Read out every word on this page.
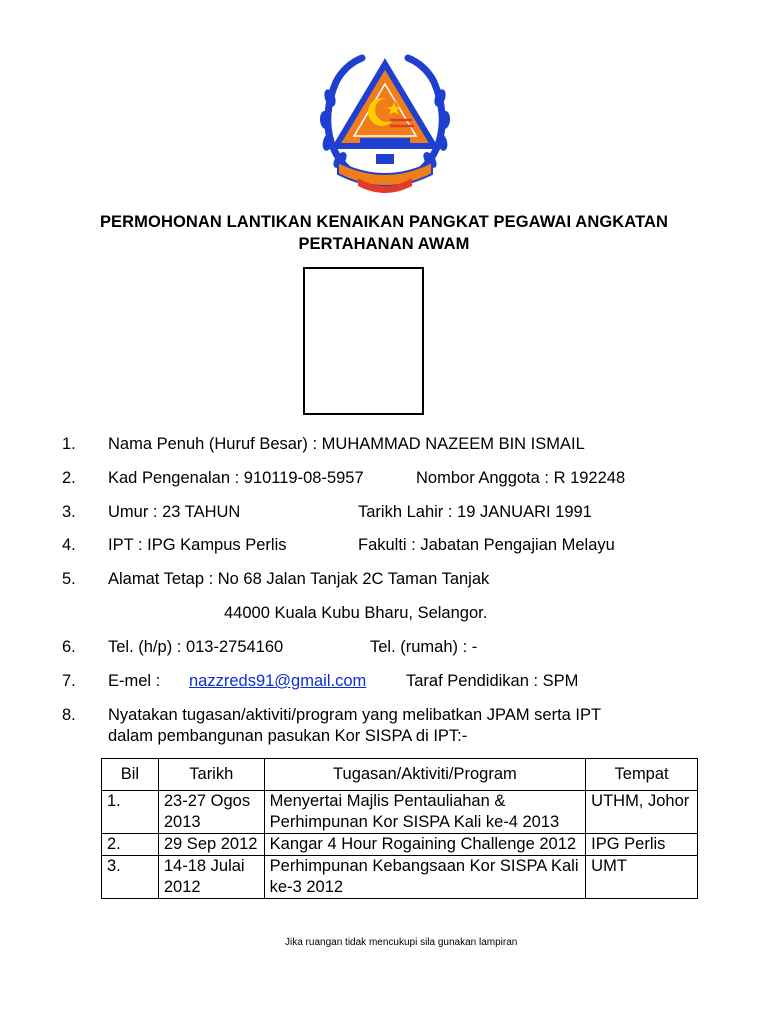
PERMOHONAN LANTIKAN KENAIKAN PANGKAT PEGAWAI ANGKATAN
PERTAHANAN AWAM
1. Nama Penuh (Huruf Besar) : MUHAMMAD NAZEEM BIN ISMAIL
2. Kad Pengenalan : 910119-08-5957	Nombor Anggota : R 192248
3. Umur : 23 TAHUN	Tarikh Lahir : 19 JANUARI 1991
4. IPT : IPG Kampus Perlis	Fakulti : Jabatan Pengajian Melayu
5. Alamat Tetap : No 68 Jalan Tanjak 2C Taman Tanjak
44000 Kuala Kubu Bharu, Selangor.
6. Tel. (h/p) : 013-2754160	Tel. (rumah) : -
7. E-mel : nazzreds91@gmail.com Taraf Pendidikan : SPM
8. Nyatakan tugasan/aktiviti/program yang melibatkan JPAM serta IPT
dalam pembangunan pasukan Kor SISPA di IPT:-
Bil	Tarikh	Tugasan/Aktiviti/Program	Tempat
1.	23-27 Ogos 2013	Menyertai Majlis Pentauliahan & Perhimpunan Kor SISPA Kali ke-4 2013	UTHM, Johor
2.	29 Sep 2012	Kangar 4 Hour Rogaining Challenge 2012	IPG Perlis
3.	14-18 Julai 2012	Perhimpunan Kebangsaan Kor SISPA Kali ke-3 2012	UMT
Jika ruangan tidak mencukupi sila gunakan lampiran
